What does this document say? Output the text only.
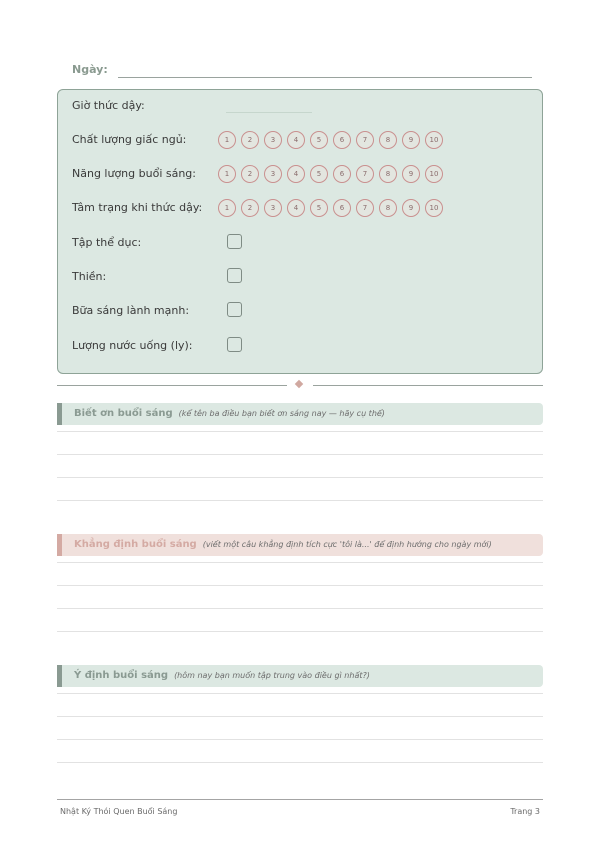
Ngày:
Giờ thức dậy:
Chất lượng giấc ngủ:	1	2	3	4	5	6	7	8	9	10
Năng lượng buổi sáng:	1	2	3	4	5	6	7	8	9	10
Tâm trạng khi thức dậy:	1	2	3	4	5	6	7	8	9	10
Tập thể dục:
Thiền:
Bữa sáng lành mạnh:
Lượng nước uống (ly):
Biết ơn buổi sáng (kể tên ba điều bạn biết ơn sáng nay — hãy cụ thể)
Khẳng định buổi sáng (viết một câu khẳng định tích cực 'tôi là...' để định hướng cho ngày mới)
Ý định buổi sáng (hôm nay bạn muốn tập trung vào điều gì nhất?)
Nhật Ký Thói Quen Buổi Sáng	Trang 3
